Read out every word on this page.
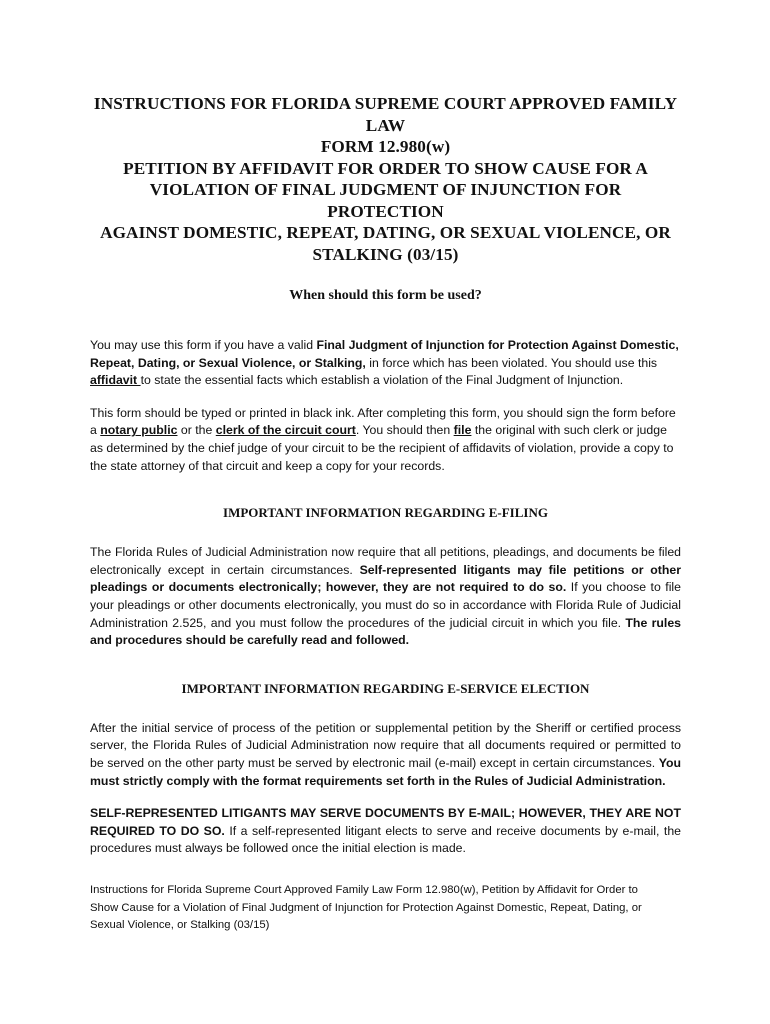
INSTRUCTIONS FOR FLORIDA SUPREME COURT APPROVED FAMILY LAW
FORM 12.980(w)
PETITION BY AFFIDAVIT FOR ORDER TO SHOW CAUSE FOR A
VIOLATION OF FINAL JUDGMENT OF INJUNCTION FOR PROTECTION
AGAINST DOMESTIC, REPEAT, DATING, OR SEXUAL VIOLENCE, OR
STALKING (03/15)
When should this form be used?

You may use this form if you have a valid Final Judgment of Injunction for Protection Against Domestic, Repeat, Dating, or Sexual Violence, or Stalking, in force which has been violated. You should use this affidavit to state the essential facts which establish a violation of the Final Judgment of Injunction.

This form should be typed or printed in black ink. After completing this form, you should sign the form before a notary public or the clerk of the circuit court. You should then file the original with such clerk or judge as determined by the chief judge of your circuit to be the recipient of affidavits of violation, provide a copy to the state attorney of that circuit and keep a copy for your records.

IMPORTANT INFORMATION REGARDING E-FILING

The Florida Rules of Judicial Administration now require that all petitions, pleadings, and documents be filed electronically except in certain circumstances. Self-represented litigants may file petitions or other pleadings or documents electronically; however, they are not required to do so. If you choose to file your pleadings or other documents electronically, you must do so in accordance with Florida Rule of Judicial Administration 2.525, and you must follow the procedures of the judicial circuit in which you file. The rules and procedures should be carefully read and followed.

IMPORTANT INFORMATION REGARDING E-SERVICE ELECTION

After the initial service of process of the petition or supplemental petition by the Sheriff or certified process server, the Florida Rules of Judicial Administration now require that all documents required or permitted to be served on the other party must be served by electronic mail (e-mail) except in certain circumstances. You must strictly comply with the format requirements set forth in the Rules of Judicial Administration.

SELF-REPRESENTED LITIGANTS MAY SERVE DOCUMENTS BY E-MAIL; HOWEVER, THEY ARE NOT REQUIRED TO DO SO. If a self-represented litigant elects to serve and receive documents by e-mail, the procedures must always be followed once the initial election is made.

Instructions for Florida Supreme Court Approved Family Law Form 12.980(w), Petition by Affidavit for Order to
Show Cause for a Violation of Final Judgment of Injunction for Protection Against Domestic, Repeat, Dating, or
Sexual Violence, or Stalking (03/15)
